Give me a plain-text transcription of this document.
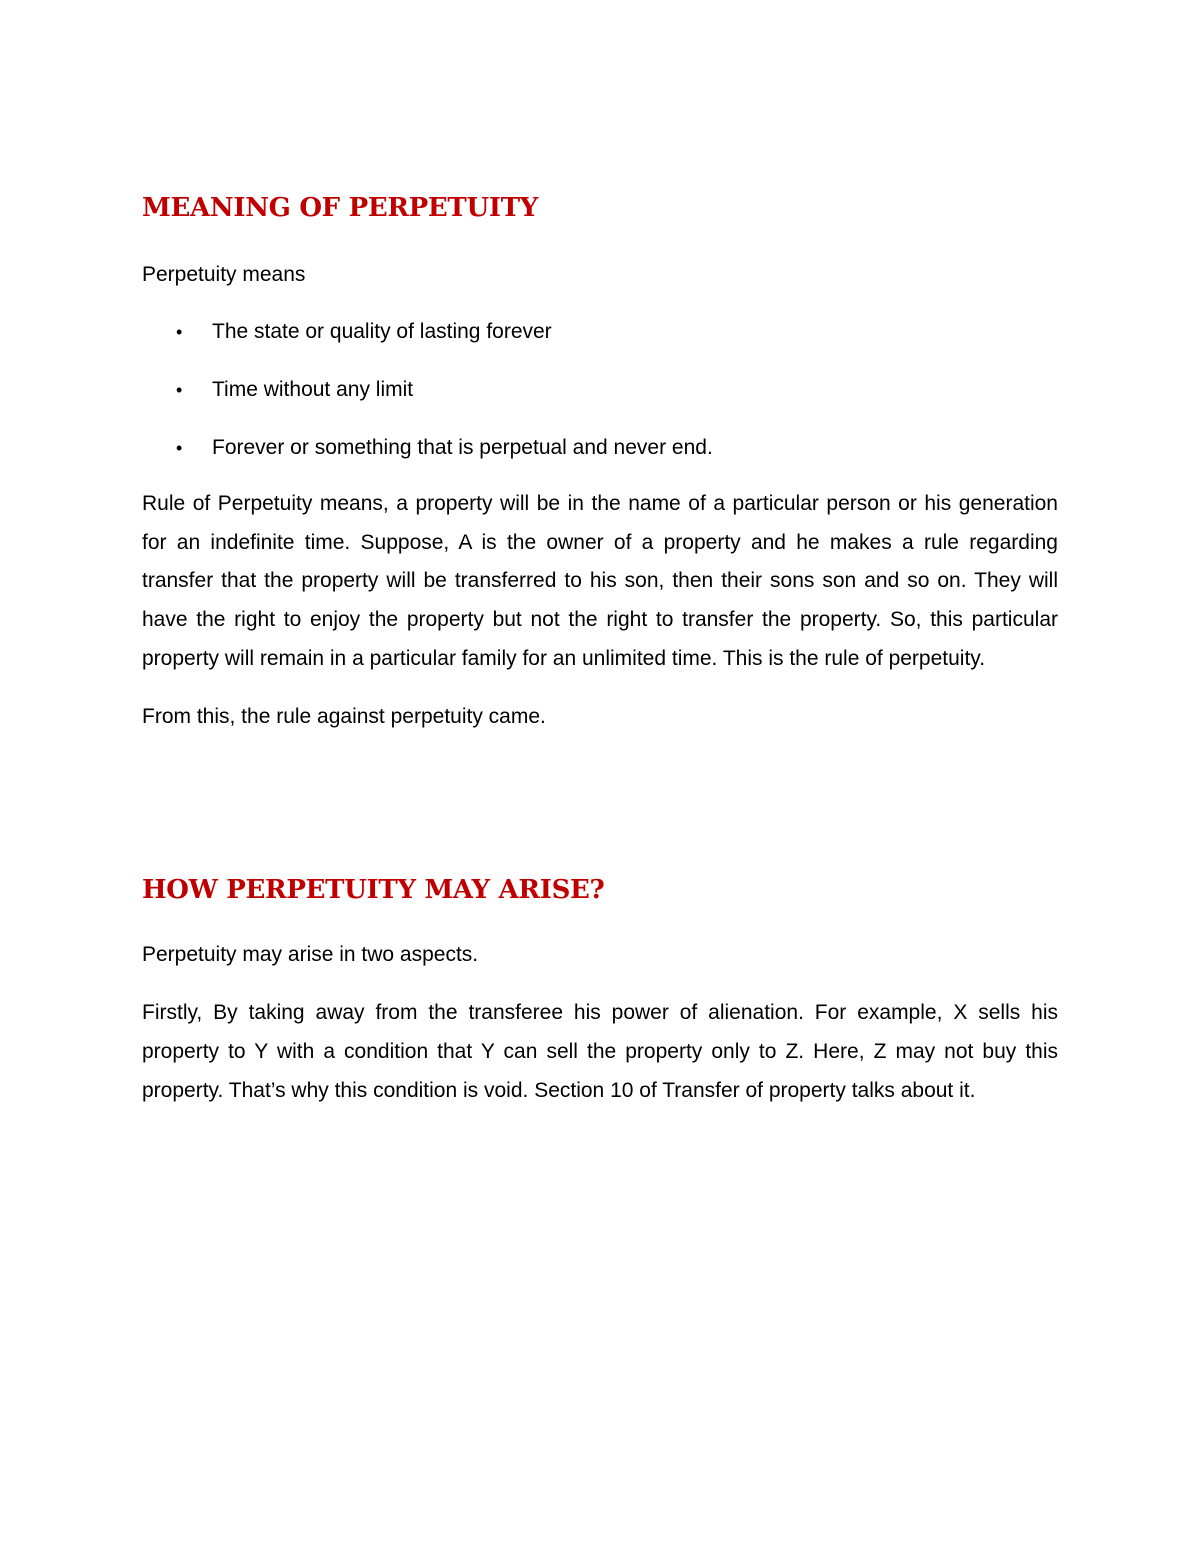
MEANING OF PERPETUITY

Perpetuity means

• The state or quality of lasting forever
• Time without any limit
• Forever or something that is perpetual and never end.

Rule of Perpetuity means, a property will be in the name of a particular person or his generation for an indefinite time. Suppose, A is the owner of a property and he makes a rule regarding transfer that the property will be transferred to his son, then their sons son and so on. They will have the right to enjoy the property but not the right to transfer the property. So, this particular property will remain in a particular family for an unlimited time. This is the rule of perpetuity.

From this, the rule against perpetuity came.

HOW PERPETUITY MAY ARISE?

Perpetuity may arise in two aspects.

Firstly, By taking away from the transferee his power of alienation. For example, X sells his property to Y with a condition that Y can sell the property only to Z. Here, Z may not buy this property. That’s why this condition is void. Section 10 of Transfer of property talks about it.
